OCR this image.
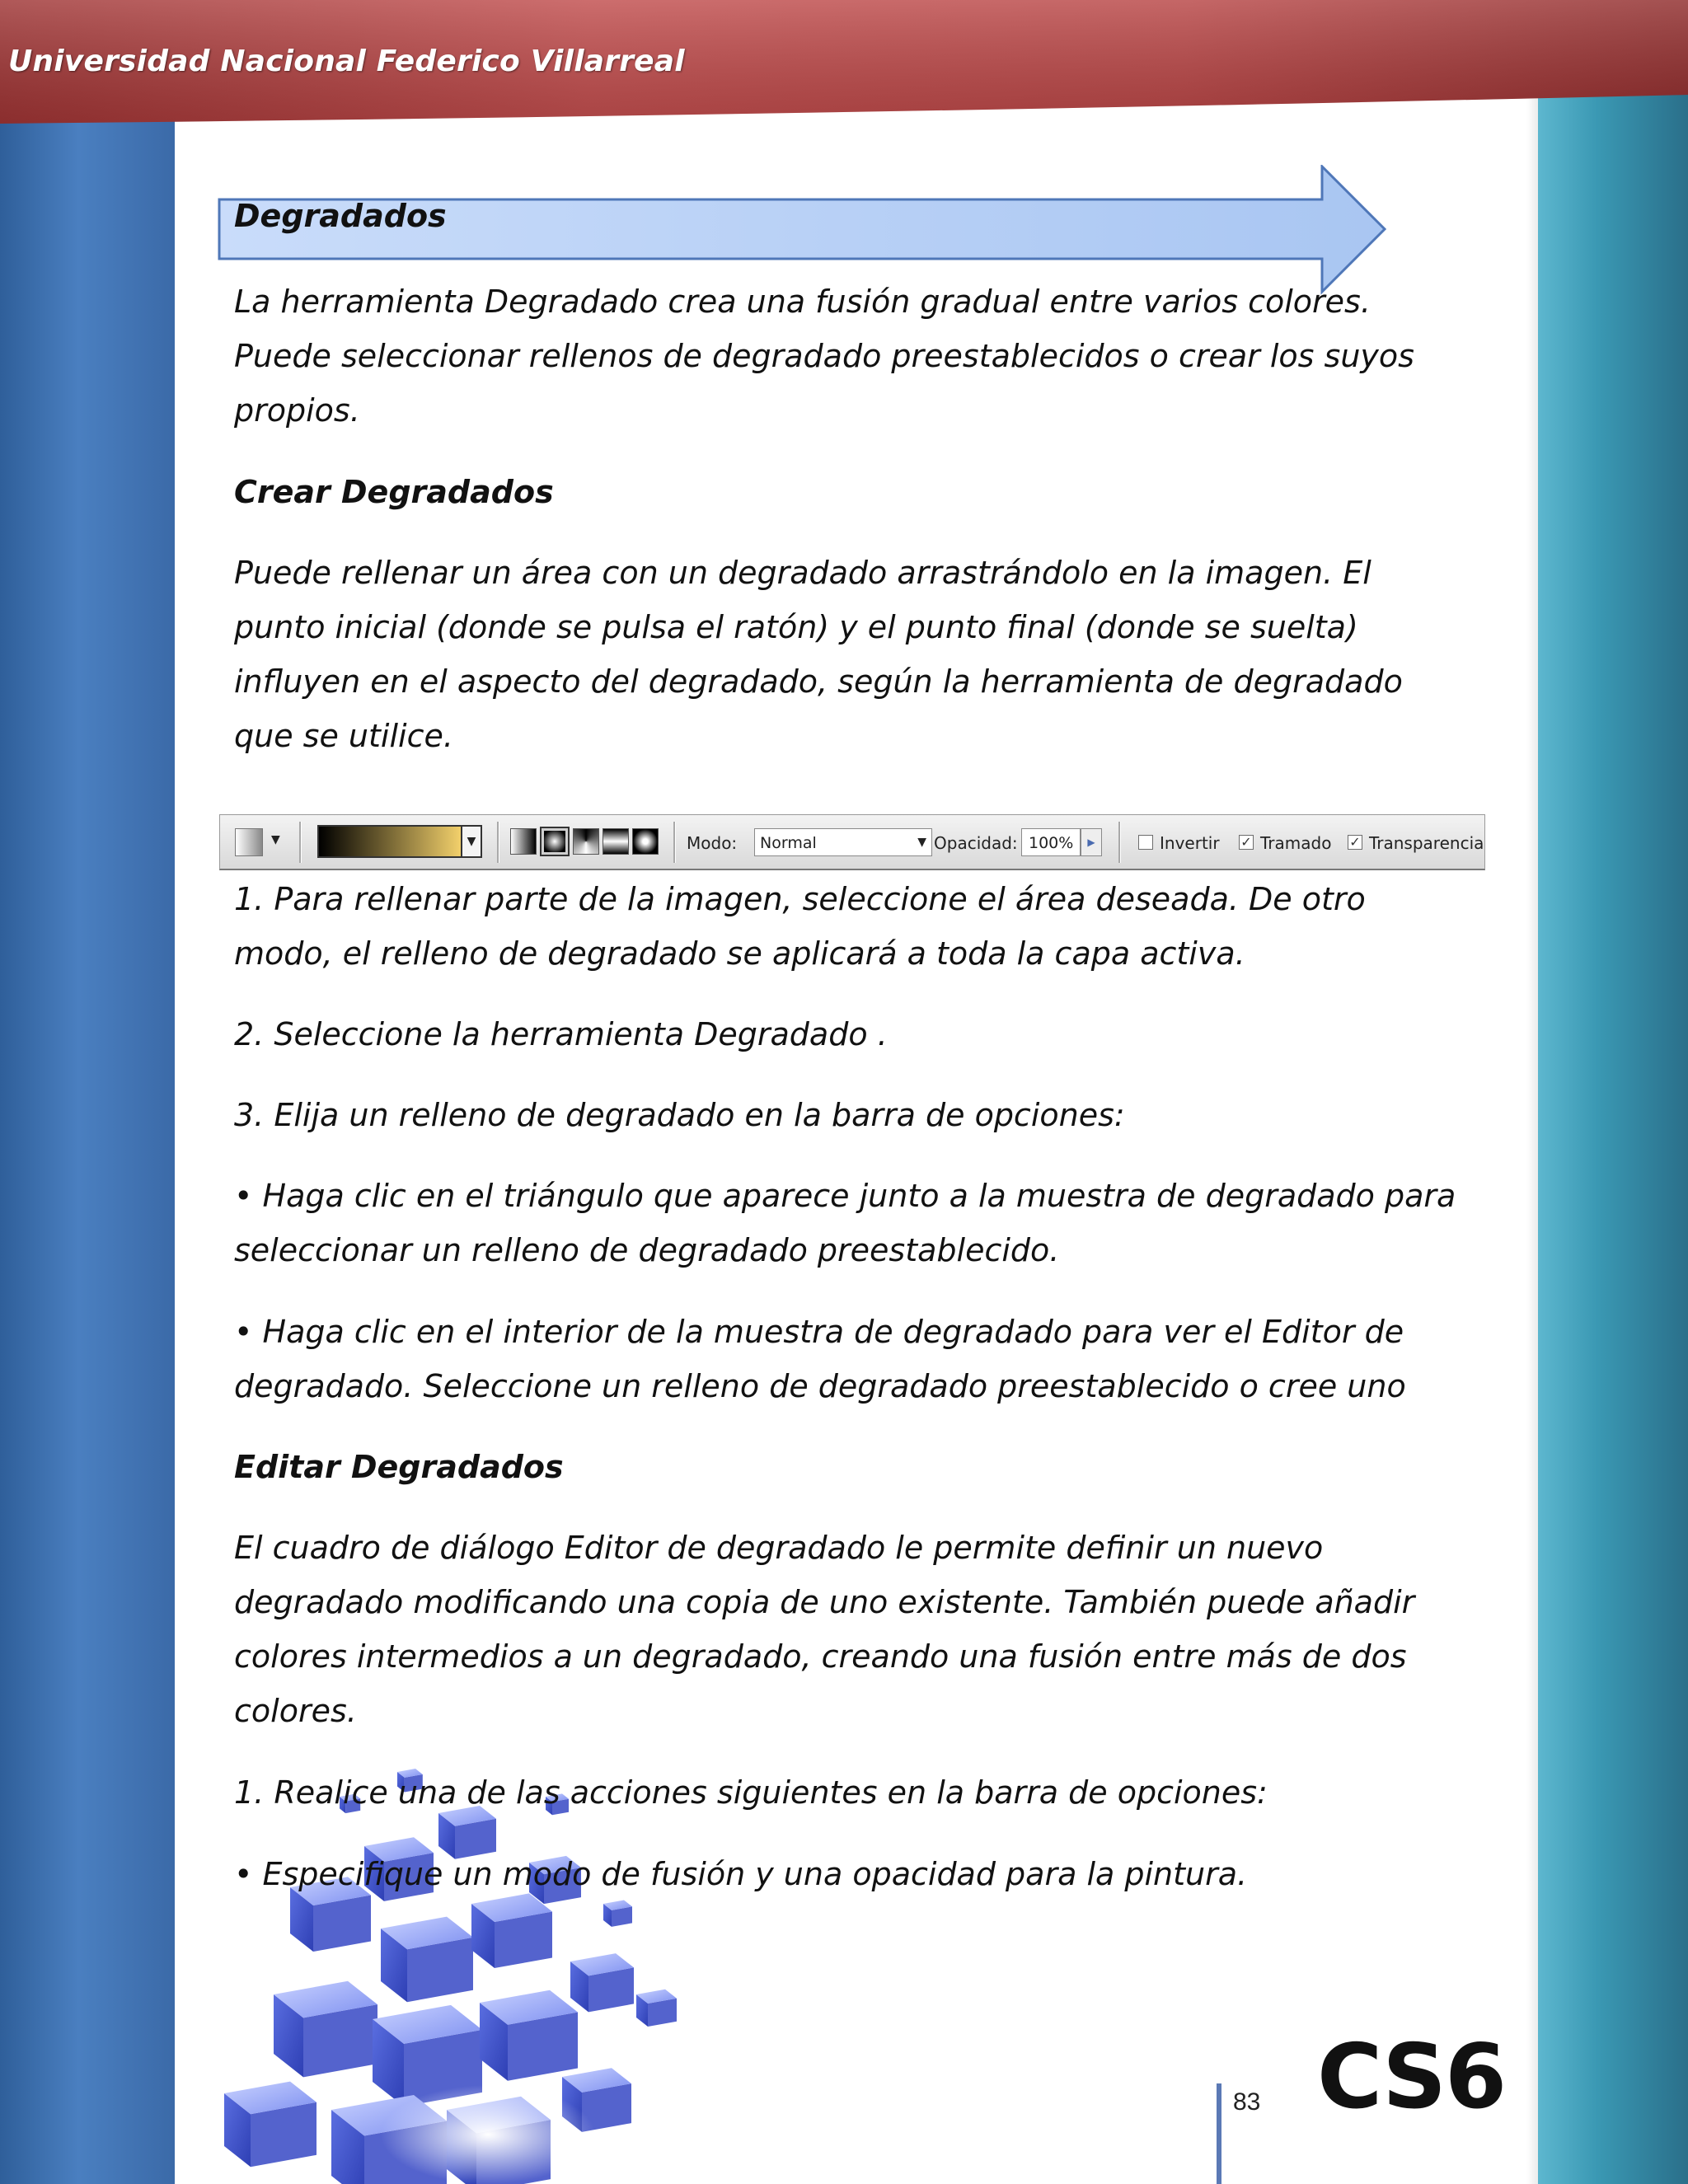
Universidad Nacional Federico Villarreal
Degradados

La herramienta Degradado crea una fusión gradual entre varios colores.

Puede seleccionar rellenos de degradado preestablecidos o crear los suyos

propios.

Crear Degradados

Puede rellenar un área con un degradado arrastrándolo en la imagen. El

punto inicial (donde se pulsa el ratón) y el punto final (donde se suelta)

influyen en el aspecto del degradado, según la herramienta de degradado

que se utilice.

▼	▼	Modo: Normal	▼ Opacidad: 100%	▶	Invertir ✓ Tramado ✓ Transparencia

1. Para rellenar parte de la imagen, seleccione el área deseada. De otro

modo, el relleno de degradado se aplicará a toda la capa activa.

2. Seleccione la herramienta Degradado .

3. Elija un relleno de degradado en la barra de opciones:

• Haga clic en el triángulo que aparece junto a la muestra de degradado para

seleccionar un relleno de degradado preestablecido.

• Haga clic en el interior de la muestra de degradado para ver el Editor de

degradado. Seleccione un relleno de degradado preestablecido o cree uno

Editar Degradados

El cuadro de diálogo Editor de degradado le permite definir un nuevo

degradado modificando una copia de uno existente. También puede añadir

colores intermedios a un degradado, creando una fusión entre más de dos

colores.

1. Realice una de las acciones siguientes en la barra de opciones:

• Especifique un modo de fusión y una opacidad para la pintura.

83 CS6
